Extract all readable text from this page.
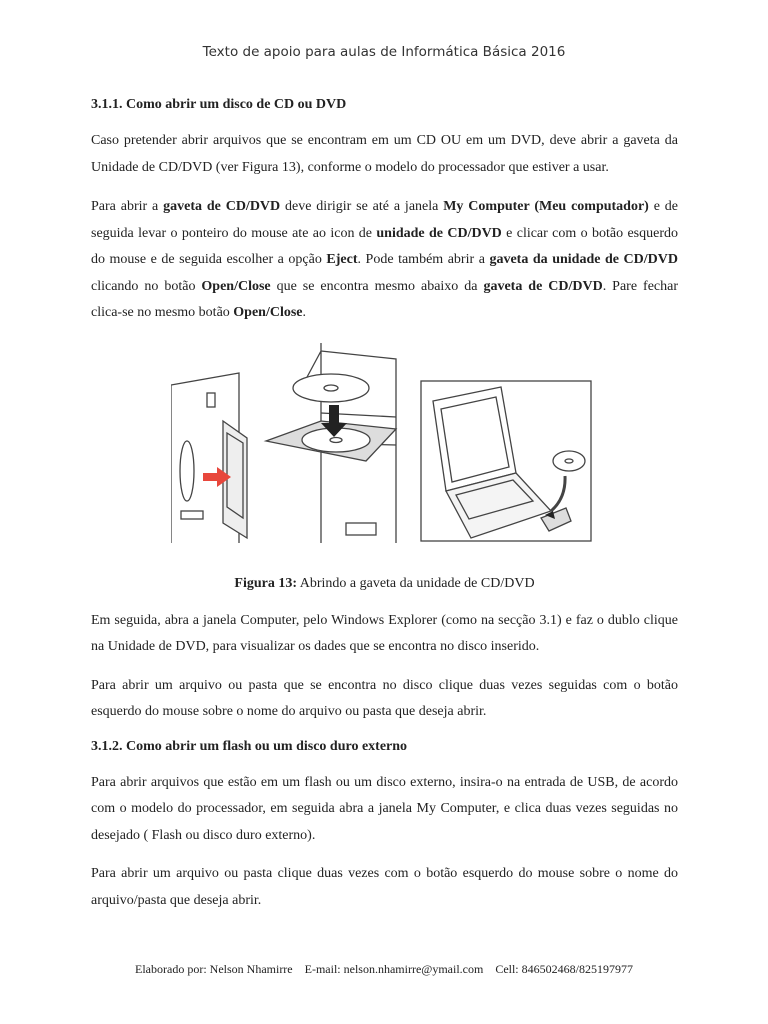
Texto de apoio para aulas de Informática Básica 2016
3.1.1. Como abrir um disco de CD ou DVD

Caso pretender abrir arquivos que se encontram em um CD OU em um DVD, deve abrir a gaveta da Unidade de CD/DVD (ver Figura 13), conforme o modelo do processador que estiver a usar.

Para abrir a gaveta de CD/DVD deve dirigir se até a janela My Computer (Meu computador) e de seguida levar o ponteiro do mouse ate ao icon de unidade de CD/DVD e clicar com o botão esquerdo do mouse e de seguida escolher a opção Eject. Pode também abrir a gaveta da unidade de CD/DVD clicando no botão Open/Close que se encontra mesmo abaixo da gaveta de CD/DVD. Pare fechar clica-se no mesmo botão Open/Close.

Figura 13: Abrindo a gaveta da unidade de CD/DVD

Em seguida, abra a janela Computer, pelo Windows Explorer (como na secção 3.1) e faz o dublo clique na Unidade de DVD, para visualizar os dades que se encontra no disco inserido.

Para abrir um arquivo ou pasta que se encontra no disco clique duas vezes seguidas com o botão esquerdo do mouse sobre o nome do arquivo ou pasta que deseja abrir.

3.1.2. Como abrir um flash ou um disco duro externo

Para abrir arquivos que estão em um flash ou um disco externo, insira-o na entrada de USB, de acordo com o modelo do processador, em seguida abra a janela My Computer, e clica duas vezes seguidas no desejado ( Flash ou disco duro externo).

Para abrir um arquivo ou pasta clique duas vezes com o botão esquerdo do mouse sobre o nome do arquivo/pasta que deseja abrir.

Elaborado por: Nelson Nhamirre E-mail: nelson.nhamirre@ymail.com Cell: 846502468/825197977
